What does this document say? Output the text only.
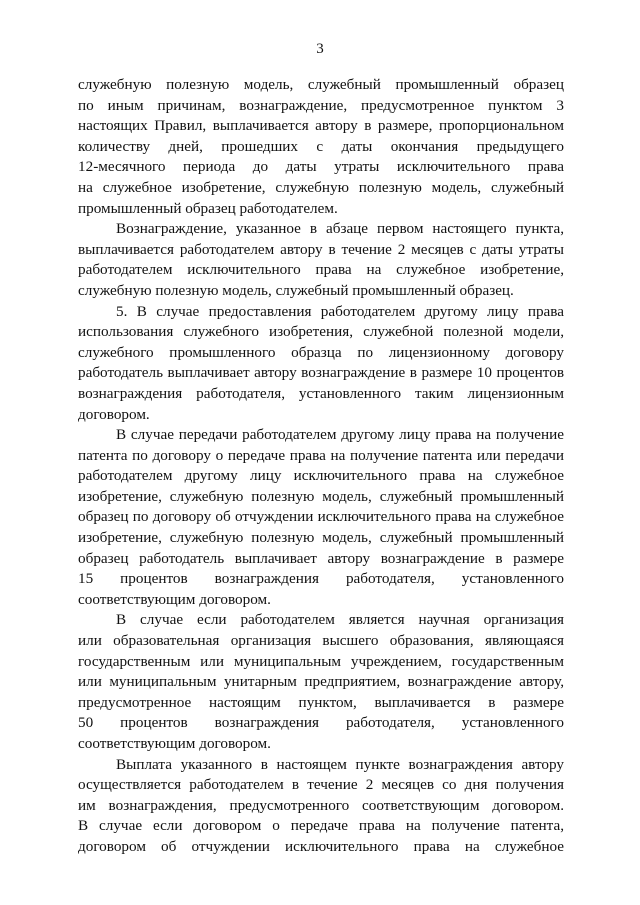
3
служебную полезную модель, служебный промышленный образец
по иным причинам, вознаграждение, предусмотренное пунктом 3
настоящих Правил, выплачивается автору в размере, пропорциональном
количеству дней, прошедших с даты окончания предыдущего
12-месячного периода до даты утраты исключительного права
на служебное изобретение, служебную полезную модель, служебный
промышленный образец работодателем.
Вознаграждение, указанное в абзаце первом настоящего пункта,
выплачивается работодателем автору в течение 2 месяцев с даты утраты
работодателем исключительного права на служебное изобретение,
служебную полезную модель, служебный промышленный образец.
5. В случае предоставления работодателем другому лицу права
использования служебного изобретения, служебной полезной модели,
служебного промышленного образца по лицензионному договору
работодатель выплачивает автору вознаграждение в размере 10 процентов
вознаграждения работодателя, установленного таким лицензионным
договором.
В случае передачи работодателем другому лицу права на получение
патента по договору о передаче права на получение патента или передачи
работодателем другому лицу исключительного права на служебное
изобретение, служебную полезную модель, служебный промышленный
образец по договору об отчуждении исключительного права на служебное
изобретение, служебную полезную модель, служебный промышленный
образец работодатель выплачивает автору вознаграждение в размере
15 процентов вознаграждения работодателя, установленного
соответствующим договором.
В случае если работодателем является научная организация
или образовательная организация высшего образования, являющаяся
государственным или муниципальным учреждением, государственным
или муниципальным унитарным предприятием, вознаграждение автору,
предусмотренное настоящим пунктом, выплачивается в размере
50 процентов вознаграждения работодателя, установленного
соответствующим договором.
Выплата указанного в настоящем пункте вознаграждения автору
осуществляется работодателем в течение 2 месяцев со дня получения
им вознаграждения, предусмотренного соответствующим договором.
В случае если договором о передаче права на получение патента,
договором об отчуждении исключительного права на служебное
